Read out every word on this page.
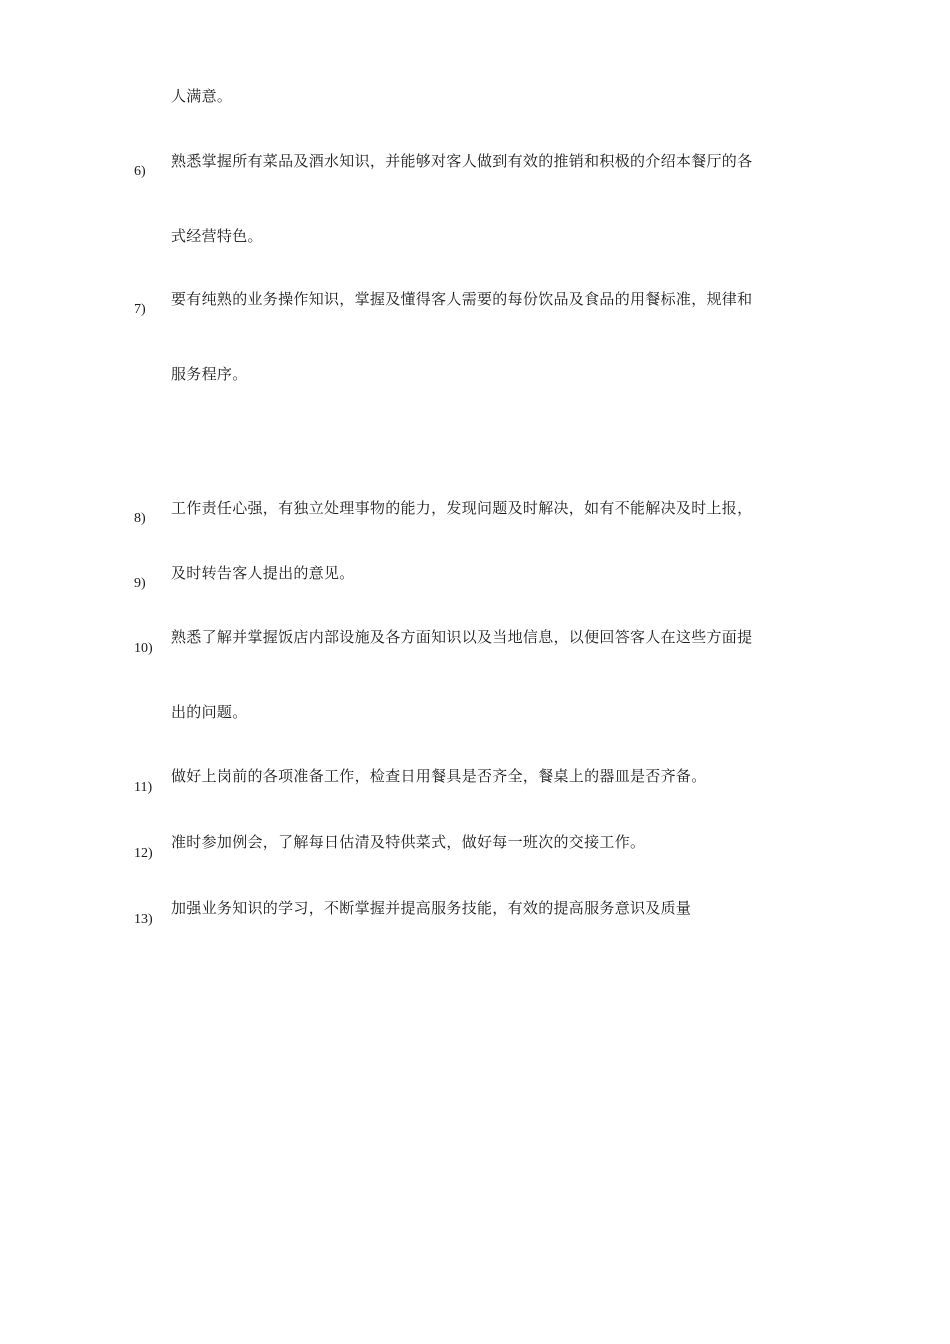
人满意。
6)
熟悉掌握所有菜品及酒水知识，并能够对客人做到有效的推销和积极的介绍本餐厅的各
式经营特色。
7)
要有纯熟的业务操作知识，掌握及懂得客人需要的每份饮品及食品的用餐标准，规律和
服务程序。
8)
工作责任心强，有独立处理事物的能力，发现问题及时解决，如有不能解决及时上报，
9)
及时转告客人提出的意见。
10)
熟悉了解并掌握饭店内部设施及各方面知识以及当地信息，以便回答客人在这些方面提
出的问题。
11)
做好上岗前的各项准备工作，检查日用餐具是否齐全，餐桌上的器皿是否齐备。
12)
准时参加例会，了解每日估清及特供菜式，做好每一班次的交接工作。
13)
加强业务知识的学习，不断掌握并提高服务技能，有效的提高服务意识及质量
